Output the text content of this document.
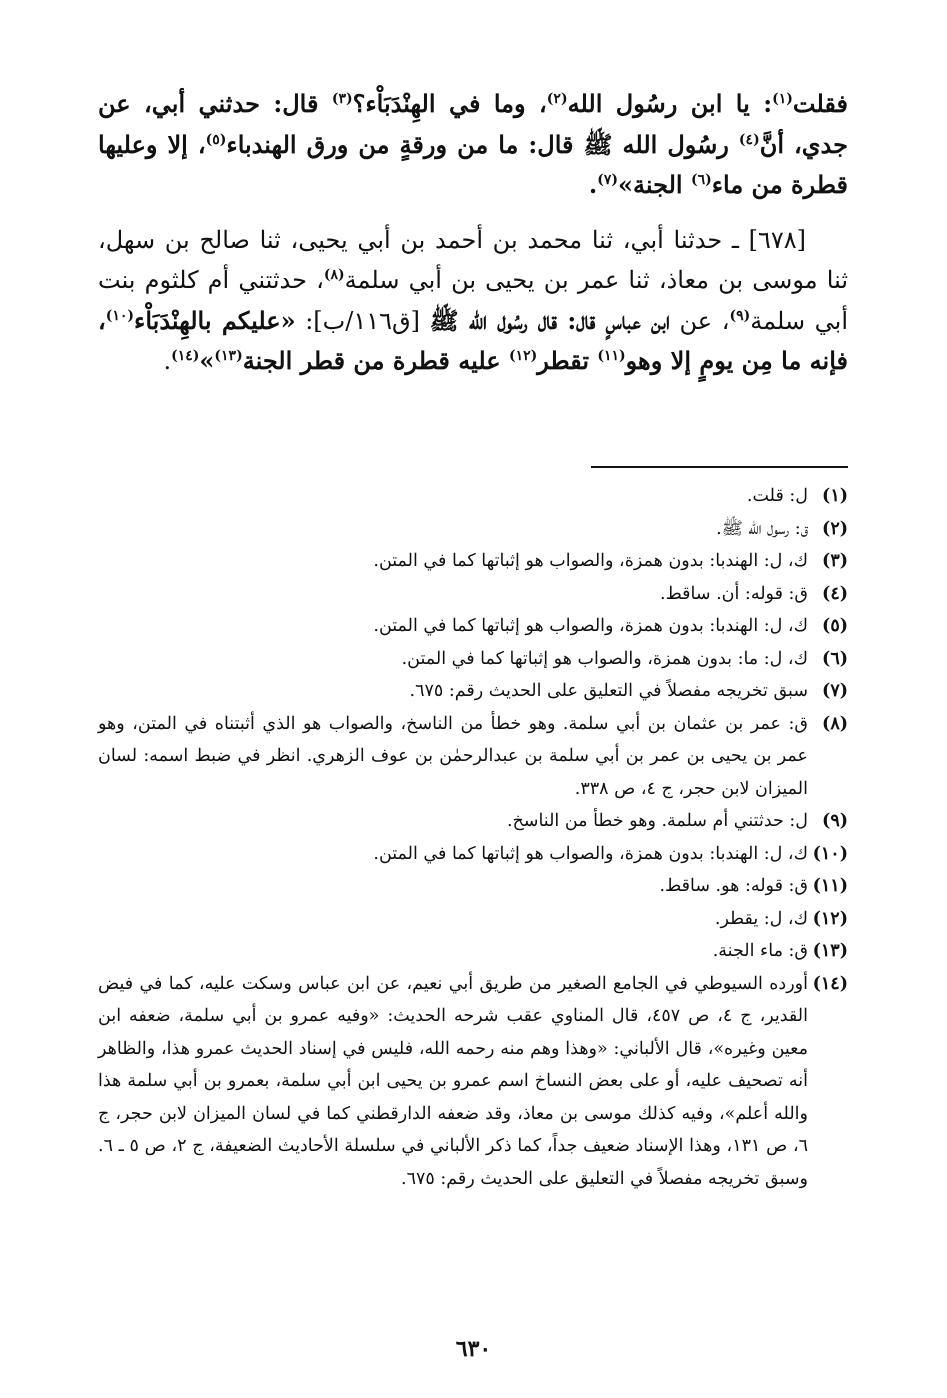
فقلت$^{(١)}$: يا ابن رسُول الله$^{(٢)}$، وما في الهِنْدَبَاْء؟$^{(٣)}$ قال: حدثني أبي، عن جدي، أنَّ$^{(٤)}$ رسُول الله ﷺ قال: ما من ورقةٍ من ورق الهندباء$^{(٥)}$، إلا وعليها قطرة من ماء$^{(٦)}$ الجنة»$^{(٧)}$.

[٦٧٨] ـ حدثنا أبي، ثنا محمد بن أحمد بن أبي يحيى، ثنا صالح بن سهل، ثنا موسى بن معاذ، ثنا عمر بن يحيى بن أبي سلمة$^{(٨)}$، حدثتني أم كلثوم بنت أبي سلمة$^{(٩)}$، عن ابن عباسٍ قال: قال رسُول الله ﷺ [ق١١٦/ب]: «عليكم بالهِنْدَبَاْء$^{(١٠)}$، فإنه ما مِن يومٍ إلا وهو$^{(١١)}$ تقطر$^{(١٢)}$ عليه قطرة من قطر الجنة$^{(١٣)}$»$^{(١٤)}$.

(١)
ل: قلت.
(٢)
ق: رسول الله ﷺ.
(٣)
ك، ل: الهندبا: بدون همزة، والصواب هو إثباتها كما في المتن.
(٤)
ق: قوله: أن. ساقط.
(٥)
ك، ل: الهندبا: بدون همزة، والصواب هو إثباتها كما في المتن.
(٦)
ك، ل: ما: بدون همزة، والصواب هو إثباتها كما في المتن.
(٧)
سبق تخريجه مفصلاً في التعليق على الحديث رقم: ٦٧٥.
(٨)
ق: عمر بن عثمان بن أبي سلمة. وهو خطأ من الناسخ، والصواب هو الذي أثبتناه في المتن، وهو عمر بن يحيى بن عمر بن أبي سلمة بن عبدالرحمٰن بن عوف الزهري. انظر في ضبط اسمه: لسان الميزان لابن حجر، ج ٤، ص ٣٣٨.
(٩)
ل: حدثتني أم سلمة. وهو خطأ من الناسخ.
(١٠)
ك، ل: الهندبا: بدون همزة، والصواب هو إثباتها كما في المتن.
(١١)
ق: قوله: هو. ساقط.
(١٢)
ك، ل: يقطر.
(١٣)
ق: ماء الجنة.
(١٤)
أورده السيوطي في الجامع الصغير من طريق أبي نعيم، عن ابن عباس وسكت عليه، كما في فيض القدير، ج ٤، ص ٤٥٧، قال المناوي عقب شرحه الحديث: «وفيه عمرو بن أبي سلمة، ضعفه ابن معين وغيره»، قال الألباني: «وهذا وهم منه رحمه الله، فليس في إسناد الحديث عمرو هذا، والظاهر أنه تصحيف عليه، أو على بعض النساخ اسم عمرو بن يحيى ابن أبي سلمة، بعمرو بن أبي سلمة هذا والله أعلم»، وفيه كذلك موسى بن معاذ، وقد ضعفه الدارقطني كما في لسان الميزان لابن حجر، ج ٦، ص ١٣١، وهذا الإسناد ضعيف جداً، كما ذكر الألباني في سلسلة الأحاديث الضعيفة، ج ٢، ص ٥ ـ ٦. وسبق تخريجه مفصلاً في التعليق على الحديث رقم: ٦٧٥.
٦٣٠
